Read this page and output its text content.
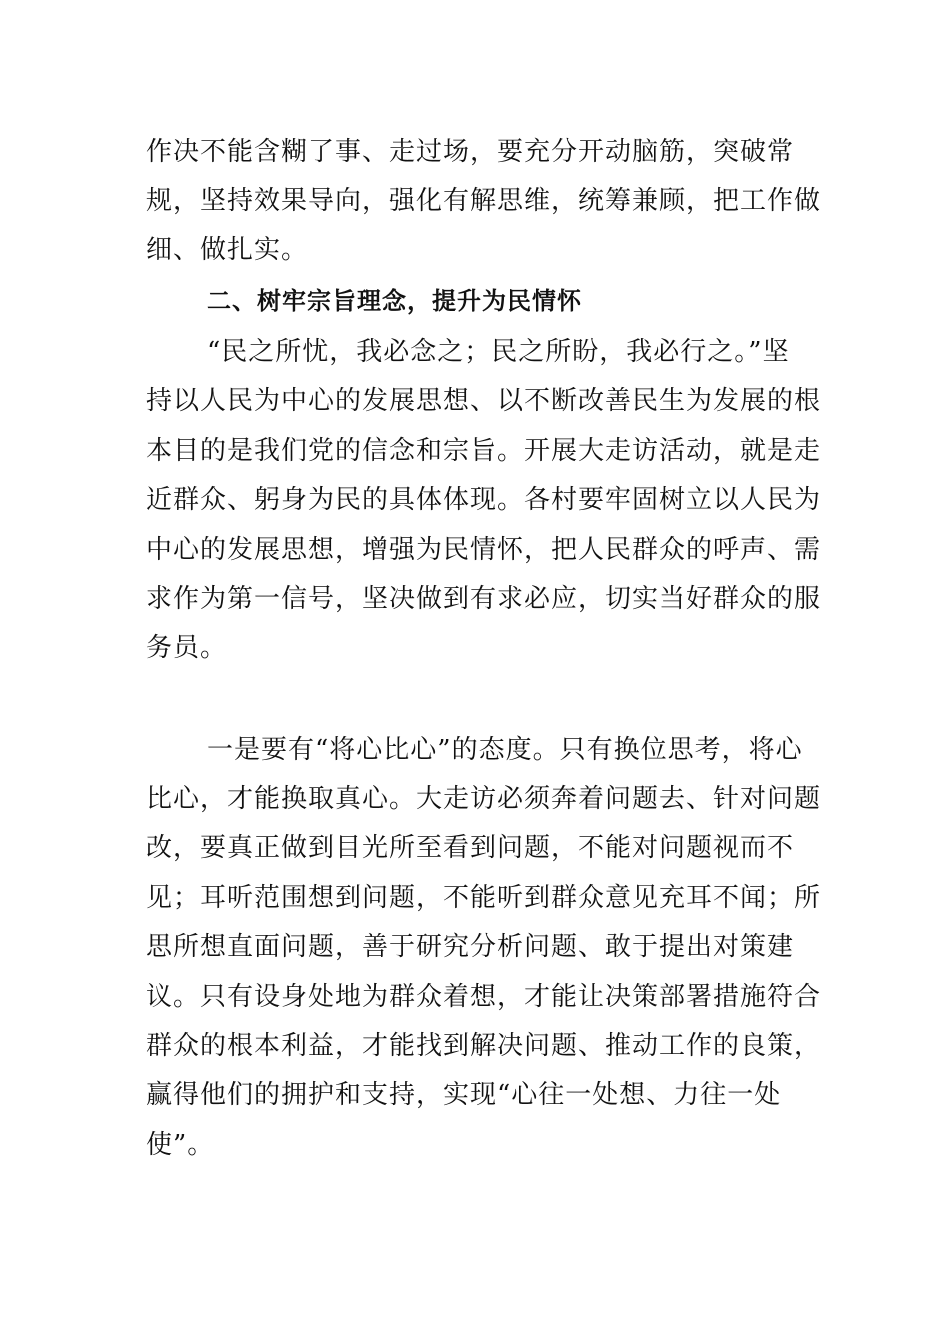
作决不能含糊了事、走过场，要充分开动脑筋，突破常
规，坚持效果导向，强化有解思维，统筹兼顾，把工作做
细、做扎实。
二、树牢宗旨理念，提升为民情怀
“民之所忧，我必念之；民之所盼，我必行之。”坚
持以人民为中心的发展思想、以不断改善民生为发展的根
本目的是我们党的信念和宗旨。开展大走访活动，就是走
近群众、躬身为民的具体体现。各村要牢固树立以人民为
中心的发展思想，增强为民情怀，把人民群众的呼声、需
求作为第一信号，坚决做到有求必应，切实当好群众的服
务员。
一是要有“将心比心”的态度。只有换位思考，将心
比心，才能换取真心。大走访必须奔着问题去、针对问题
改，要真正做到目光所至看到问题，不能对问题视而不
见；耳听范围想到问题，不能听到群众意见充耳不闻；所
思所想直面问题，善于研究分析问题、敢于提出对策建
议。只有设身处地为群众着想，才能让决策部署措施符合
群众的根本利益，才能找到解决问题、推动工作的良策，
赢得他们的拥护和支持，实现“心往一处想、力往一处
使”。
